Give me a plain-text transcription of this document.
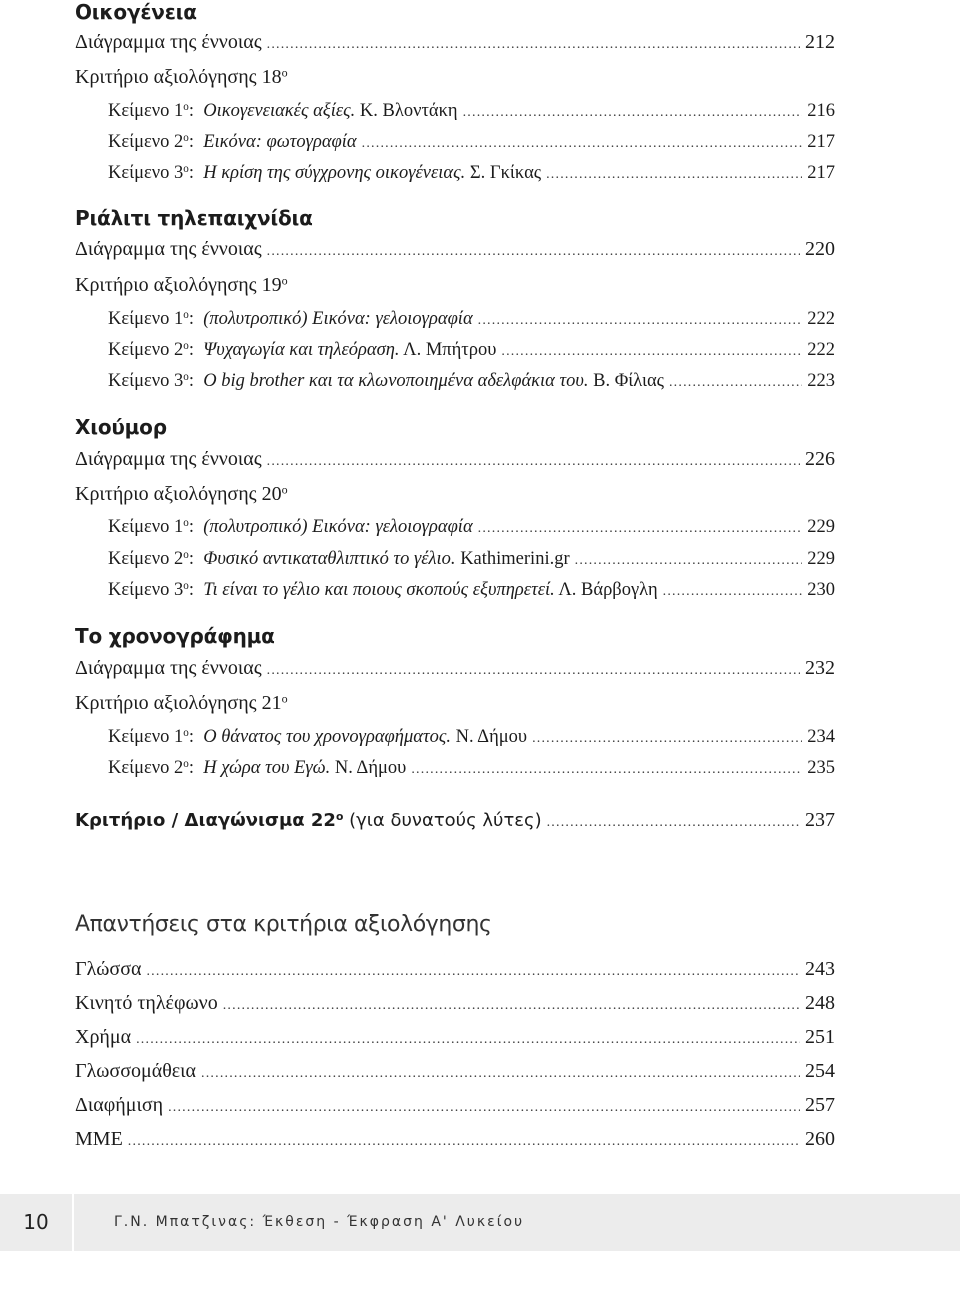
Οικογένεια
Διάγραμμα της έννοιας .....	212
Κριτήριο αξιολόγησης $18^o$
Κείμενο $1^o$: Οικογενειακές αξίες. Κ. Βλοντάκη .....	216
Κείμενο $2^o$: Εικόνα: φωτογραφία .....	217
Κείμενο $3^o$: Η κρίση της σύγχρονης οικογένειας. Σ. Γκίκας .....	217
Ριάλιτι τηλεπαιχνίδια
Διάγραμμα της έννοιας .....	220
Κριτήριο αξιολόγησης $19^o$
Κείμενο $1^o$: (πολυτροπικό) Εικόνα: γελοιογραφία .....	222
Κείμενο $2^o$: Ψυχαγωγία και τηλεόραση. Λ. Μπήτρου .....	222
Κείμενο $3^o$: Ο big brother και τα κλωνοποιημένα αδελφάκια του. Β. Φίλιας .....	223
Χιούμορ
Διάγραμμα της έννοιας .....	226
Κριτήριο αξιολόγησης $20^o$
Κείμενο $1^o$: (πολυτροπικό) Εικόνα: γελοιογραφία .....	229
Κείμενο $2^o$: Φυσικό αντικαταθλιπτικό το γέλιο. Kathimerini.gr .....	229
Κείμενο $3^o$: Τι είναι το γέλιο και ποιους σκοπούς εξυπηρετεί. Λ. Βάρβογλη .....	230
Το χρονογράφημα
Διάγραμμα της έννοιας .....	232
Κριτήριο αξιολόγησης $21^o$
Κείμενο $1^o$: Ο θάνατος του χρονογραφήματος. Ν. Δήμου .....	234
Κείμενο $2^o$: Η χώρα του Εγώ. Ν. Δήμου .....	235
Κριτήριο / Διαγώνισμα $22^o$ (για δυνατούς λύτες) .....	237
Απαντήσεις στα κριτήρια αξιολόγησης
Γλώσσα .....	243
Κινητό τηλέφωνο .....	248
Χρήμα .....	251
Γλωσσομάθεια .....	254
Διαφήμιση .....	257
ΜΜΕ .....	260
10	Γ.Ν. Μπατζινας: Έκθεση - Έκφραση Α' Λυκείου
